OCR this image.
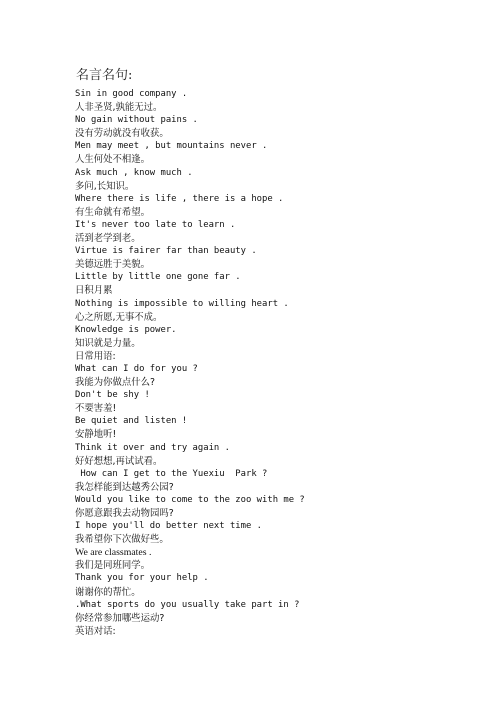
名言名句:
Sin in good company .
人非圣贤,孰能无过。
No gain without pains .
没有劳动就没有收获。
Men may meet , but mountains never .
人生何处不相逢。
Ask much , know much .
多问,长知识。
Where there is life , there is a hope .
有生命就有希望。
It's never too late to learn .
活到老学到老。
Virtue is fairer far than beauty .
美德远胜于美貌。
Little by little one gone far .
日积月累
Nothing is impossible to willing heart .
心之所愿,无事不成。
Knowledge is power.
知识就是力量。
日常用语:
What can I do for you ?
我能为你做点什么?
Don't be shy !
不要害羞!
Be quiet and listen !
安静地听!
Think it over and try again .
好好想想,再试试看。
How can I get to the Yuexiu  Park ?
我怎样能到达越秀公园?
Would you like to come to the zoo with me ?
你愿意跟我去动物园吗?
I hope you'll do better next time .
我希望你下次做好些。
We are classmates .
我们是同班同学。
Thank you for your help .
谢谢你的帮忙。
.What sports do you usually take part in ?
你经常参加哪些运动?
英语对话:
